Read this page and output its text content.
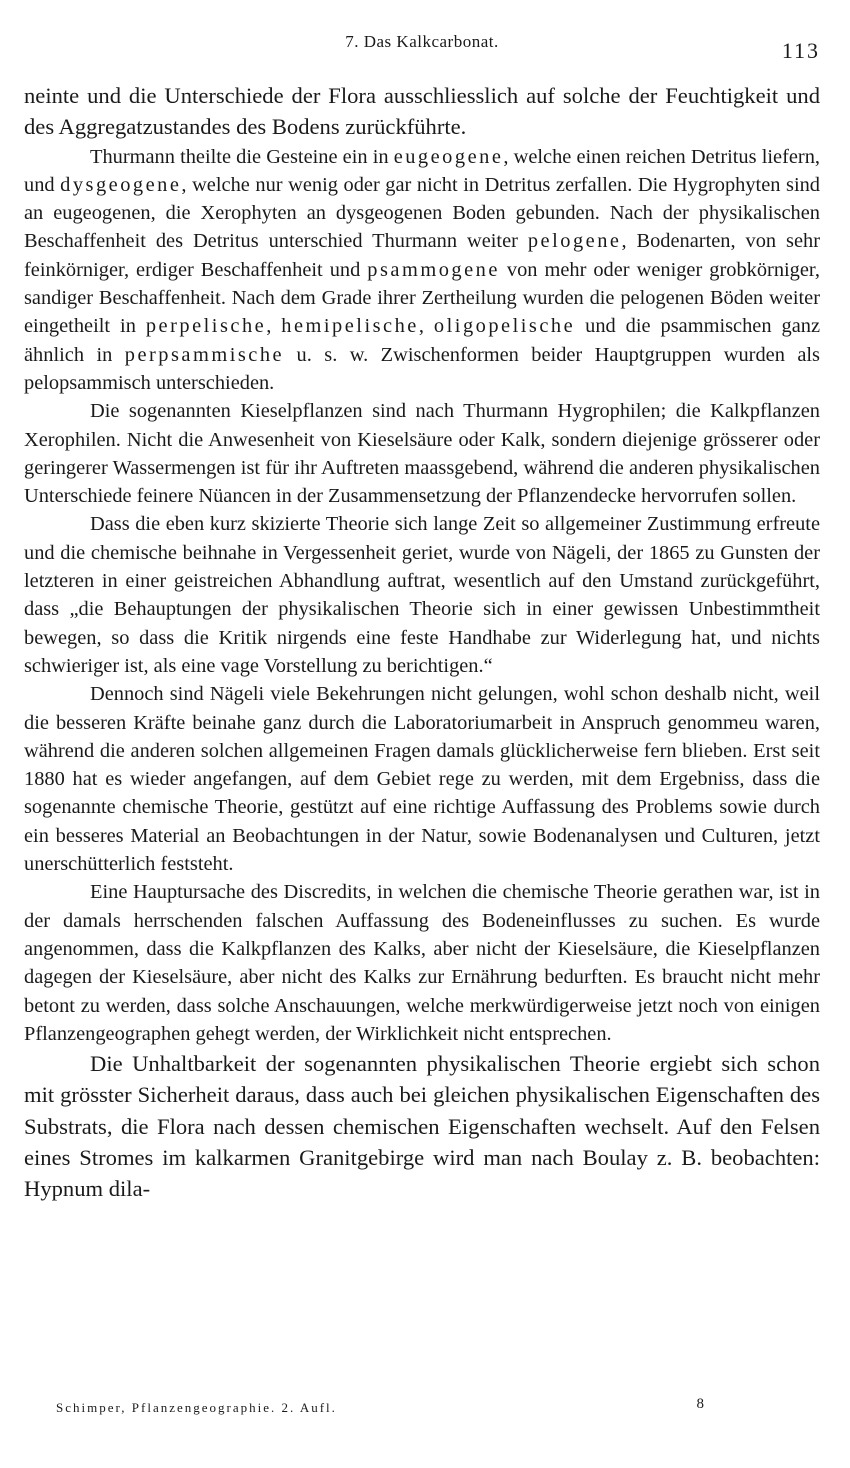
7. Das Kalkcarbonat.	113

neinte und die Unterschiede der Flora ausschliesslich auf solche der Feuchtigkeit und des Aggregatzustandes des Bodens zurückführte.

Thurmann theilte die Gesteine ein in eugeogene, welche einen reichen Detritus liefern, und dysgeogene, welche nur wenig oder gar nicht in Detritus zerfallen. Die Hygrophyten sind an eugeogenen, die Xerophyten an dysgeogenen Boden gebunden. Nach der physikalischen Beschaffenheit des Detritus unterschied Thurmann weiter pelogene, Bodenarten, von sehr feinkörniger, erdiger Beschaffenheit und psammogene von mehr oder weniger grobkörniger, sandiger Beschaffenheit. Nach dem Grade ihrer Zertheilung wurden die pelogenen Böden weiter eingetheilt in perpelische, hemipelische, oligopelische und die psammischen ganz ähnlich in perpsammische u. s. w. Zwischenformen beider Hauptgruppen wurden als pelopsammisch unterschieden.

Die sogenannten Kieselpflanzen sind nach Thurmann Hygrophilen; die Kalkpflanzen Xerophilen. Nicht die Anwesenheit von Kieselsäure oder Kalk, sondern diejenige grösserer oder geringerer Wassermengen ist für ihr Auftreten maassgebend, während die anderen physikalischen Unterschiede feinere Nüancen in der Zusammensetzung der Pflanzendecke hervorrufen sollen.

Dass die eben kurz skizierte Theorie sich lange Zeit so allgemeiner Zustimmung erfreute und die chemische beihnahe in Vergessenheit geriet, wurde von Nägeli, der 1865 zu Gunsten der letzteren in einer geistreichen Abhandlung auftrat, wesentlich auf den Umstand zurückgeführt, dass „die Behauptungen der physikalischen Theorie sich in einer gewissen Unbestimmtheit bewegen, so dass die Kritik nirgends eine feste Handhabe zur Widerlegung hat, und nichts schwieriger ist, als eine vage Vorstellung zu berichtigen.“

Dennoch sind Nägeli viele Bekehrungen nicht gelungen, wohl schon deshalb nicht, weil die besseren Kräfte beinahe ganz durch die Laboratoriumarbeit in Anspruch genommeu waren, während die anderen solchen allgemeinen Fragen damals glücklicherweise fern blieben. Erst seit 1880 hat es wieder angefangen, auf dem Gebiet rege zu werden, mit dem Ergebniss, dass die sogenannte chemische Theorie, gestützt auf eine richtige Auffassung des Problems sowie durch ein besseres Material an Beobachtungen in der Natur, sowie Bodenanalysen und Culturen, jetzt unerschütterlich feststeht.

Eine Hauptursache des Discredits, in welchen die chemische Theorie gerathen war, ist in der damals herrschenden falschen Auffassung des Bodeneinflusses zu suchen. Es wurde angenommen, dass die Kalkpflanzen des Kalks, aber nicht der Kieselsäure, die Kieselpflanzen dagegen der Kieselsäure, aber nicht des Kalks zur Ernährung bedurften. Es braucht nicht mehr betont zu werden, dass solche Anschauungen, welche merkwürdigerweise jetzt noch von einigen Pflanzengeographen gehegt werden, der Wirklichkeit nicht entsprechen.

Die Unhaltbarkeit der sogenannten physikalischen Theorie ergiebt sich schon mit grösster Sicherheit daraus, dass auch bei gleichen physikalischen Eigenschaften des Substrats, die Flora nach dessen chemischen Eigenschaften wechselt. Auf den Felsen eines Stromes im kalkarmen Granitgebirge wird man nach Boulay z. B. beobachten: Hypnum dila-

Schimper, Pflanzengeographie. 2. Aufl.	8
